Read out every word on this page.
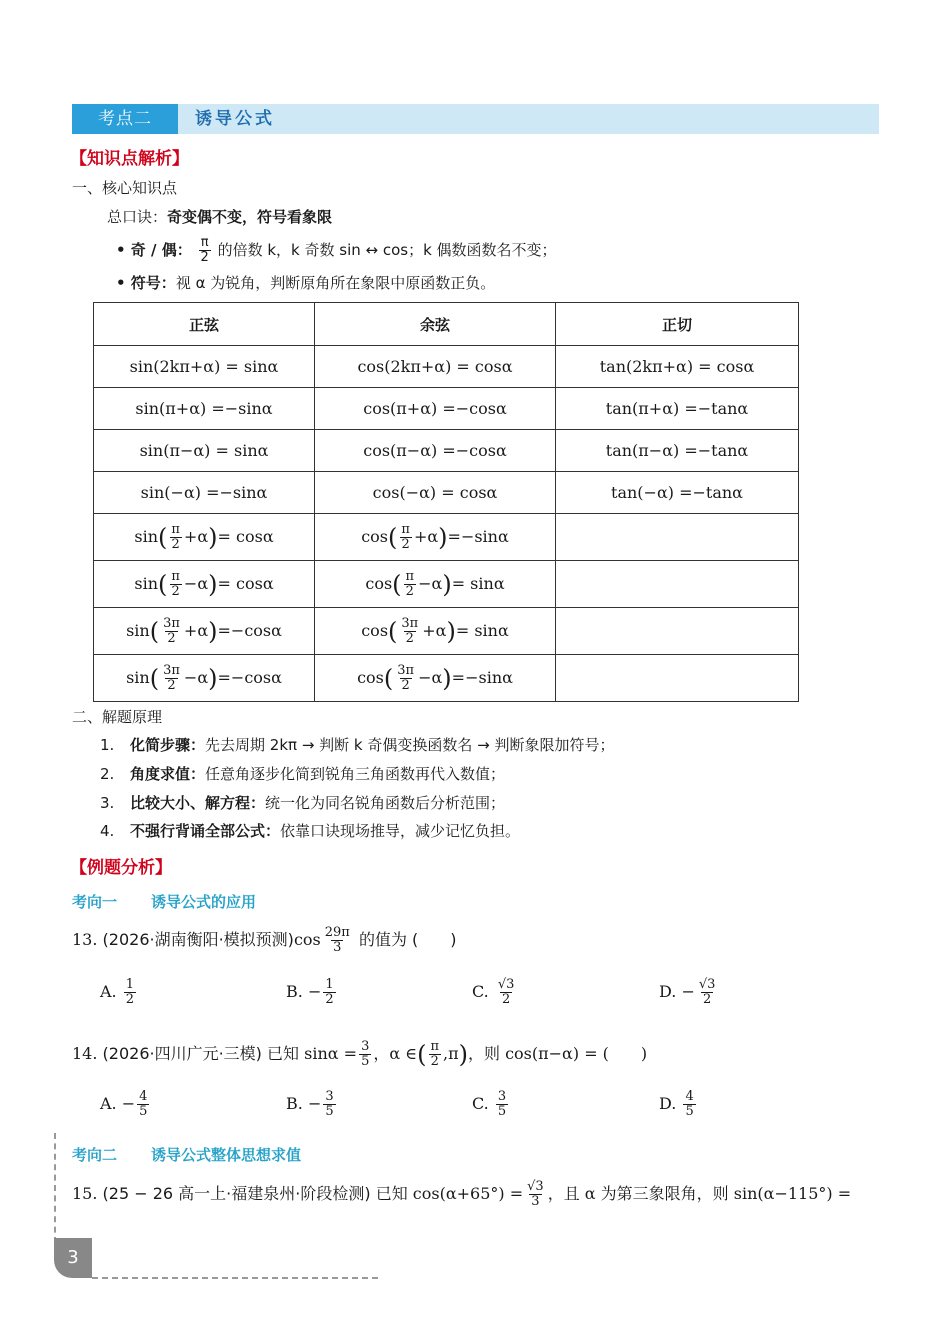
考点二	诱导公式
【知识点解析】
一、核心知识点
总口诀：奇变偶不变，符号看象限
• 奇 / 偶： $\frac{\pi}{2}$ 的倍数 k，k 奇数 sin ↔ cos；k 偶数函数名不变；
• 符号：视 α 为锐角，判断原角所在象限中原函数正负。
正弦	余弦	正切
sin(2kπ+α) = sinα	cos(2kπ+α) = cosα	tan(2kπ+α) = cosα
sin(π+α) =−sinα	cos(π+α) =−cosα	tan(π+α) =−tanα
sin(π−α) = sinα	cos(π−α) =−cosα	tan(π−α) =−tanα
sin(−α) =−sinα	cos(−α) = cosα	tan(−α) =−tanα
$\sin( \frac{\pi}{2} +\alpha)= \cos\alpha$	$\cos( \frac{\pi}{2} +\alpha)=-\sin\alpha$	
$\sin( \frac{\pi}{2} -\alpha)= \cos\alpha$	$\cos( \frac{\pi}{2} -\alpha)= \sin\alpha$	
$\sin( \frac{3\pi}{2} +\alpha)=-\cos\alpha$	$\cos( \frac{3\pi}{2} +\alpha)= \sin\alpha$	
$\sin( \frac{3\pi}{2} -\alpha)=-\cos\alpha$	$\cos( \frac{3\pi}{2} -\alpha)=-\sin\alpha$	
二、解题原理
1. 化简步骤：先去周期 2kπ → 判断 k 奇偶变换函数名 → 判断象限加符号；
2. 角度求值：任意角逐步化简到锐角三角函数再代入数值；
3. 比较大小、解方程：统一化为同名锐角函数后分析范围；
4. 不强行背诵全部公式：依靠口诀现场推导，减少记忆负担。
【例题分析】
考向一 诱导公式的应用
13. (2026·湖南衡阳·模拟预测)$\cos \frac{29\pi}{3}$ 的值为 (　　)
A. $\frac{1}{2}$	B. − $\frac{1}{2}$	C. $\frac{√3}{2}$	D. − $\frac{√3}{2}$
14. (2026·四川广元·三模) 已知 $\sin\alpha = \frac{3}{5}$ ，α ∈( $\frac{\pi}{2} ,\pi$)，则 cos(π−α) = (　　)
A. − $\frac{4}{5}$	B. − $\frac{3}{5}$	C. $\frac{3}{5}$	D. $\frac{4}{5}$
考向二 诱导公式整体思想求值
15. (25 − 26 高一上·福建泉州·阶段检测) 已知 $\cos(\alpha+65^\circ) = \frac{√3}{3}$ ，且 α 为第三象限角，则 sin(α−115°) =
3
